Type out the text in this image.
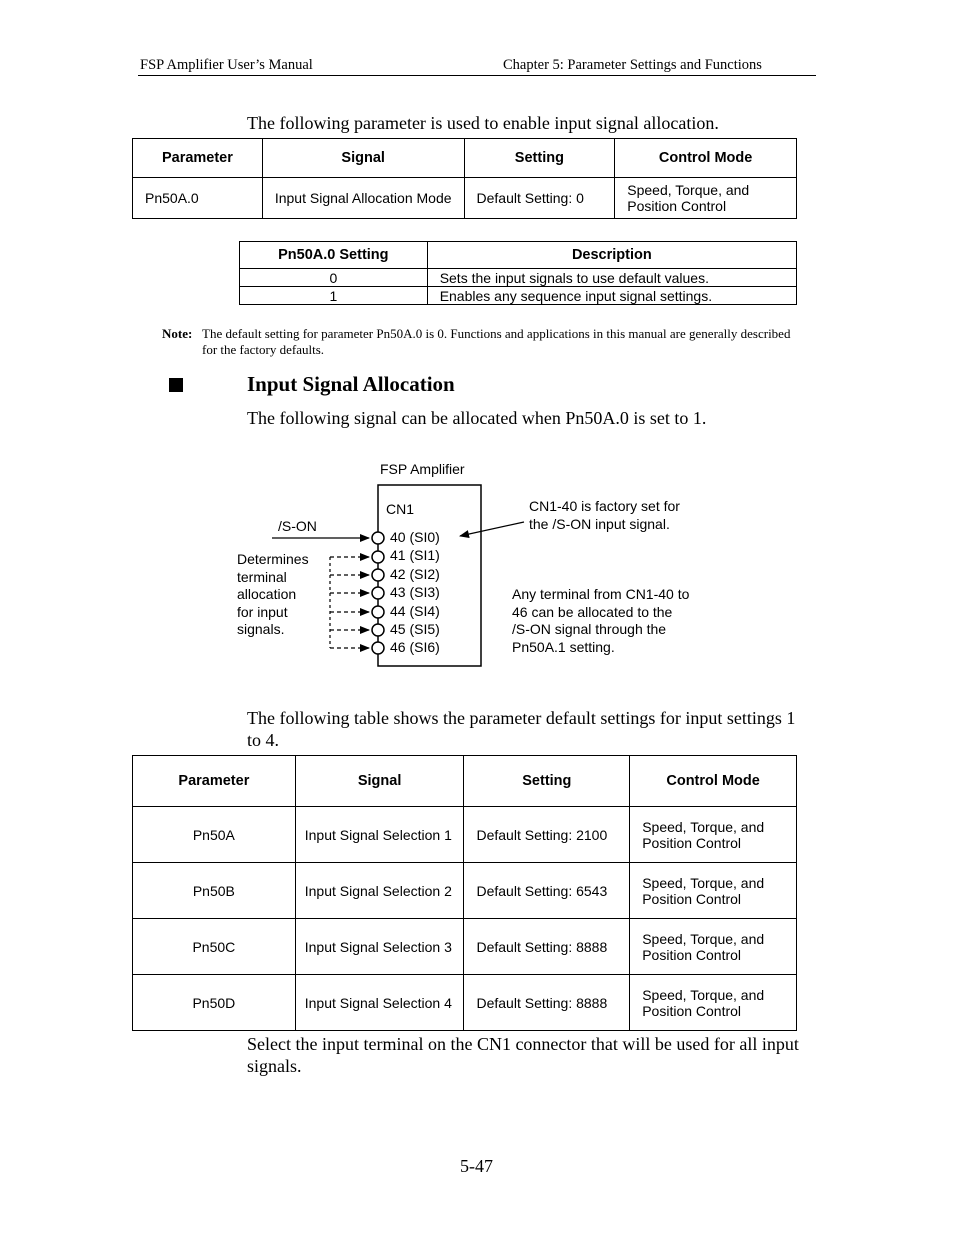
FSP Amplifier User’s Manual	Chapter 5: Parameter Settings and Functions
The following parameter is used to enable input signal allocation.
Parameter	Signal	Setting	Control Mode
Pn50A.0	Input Signal Allocation Mode	Default Setting: 0	Speed, Torque, and Position Control
Pn50A.0 Setting	Description
0	Sets the input signals to use default values.
1	Enables any sequence input signal settings.
Note: The default setting for parameter Pn50A.0 is 0. Functions and applications in this manual are generally described for the factory defaults.
Input Signal Allocation
The following signal can be allocated when Pn50A.0 is set to 1.
FSP Amplifier
CN1
/S-ON
Determines
terminal
allocation
for input
signals.
40 (SI0)
41 (SI1)
42 (SI2)
43 (SI3)
44 (SI4)
45 (SI5)
46 (SI6)
CN1-40 is factory set for
the /S-ON input signal.
Any terminal from CN1-40 to
46 can be allocated to the
/S-ON signal through the
Pn50A.1 setting.
The following table shows the parameter default settings for input settings 1 to 4.
Parameter	Signal	Setting	Control Mode
Pn50A	Input Signal Selection 1	Default Setting: 2100	Speed, Torque, and Position Control
Pn50B	Input Signal Selection 2	Default Setting: 6543	Speed, Torque, and Position Control
Pn50C	Input Signal Selection 3	Default Setting: 8888	Speed, Torque, and Position Control
Pn50D	Input Signal Selection 4	Default Setting: 8888	Speed, Torque, and Position Control
Select the input terminal on the CN1 connector that will be used for all input signals.
5-47
